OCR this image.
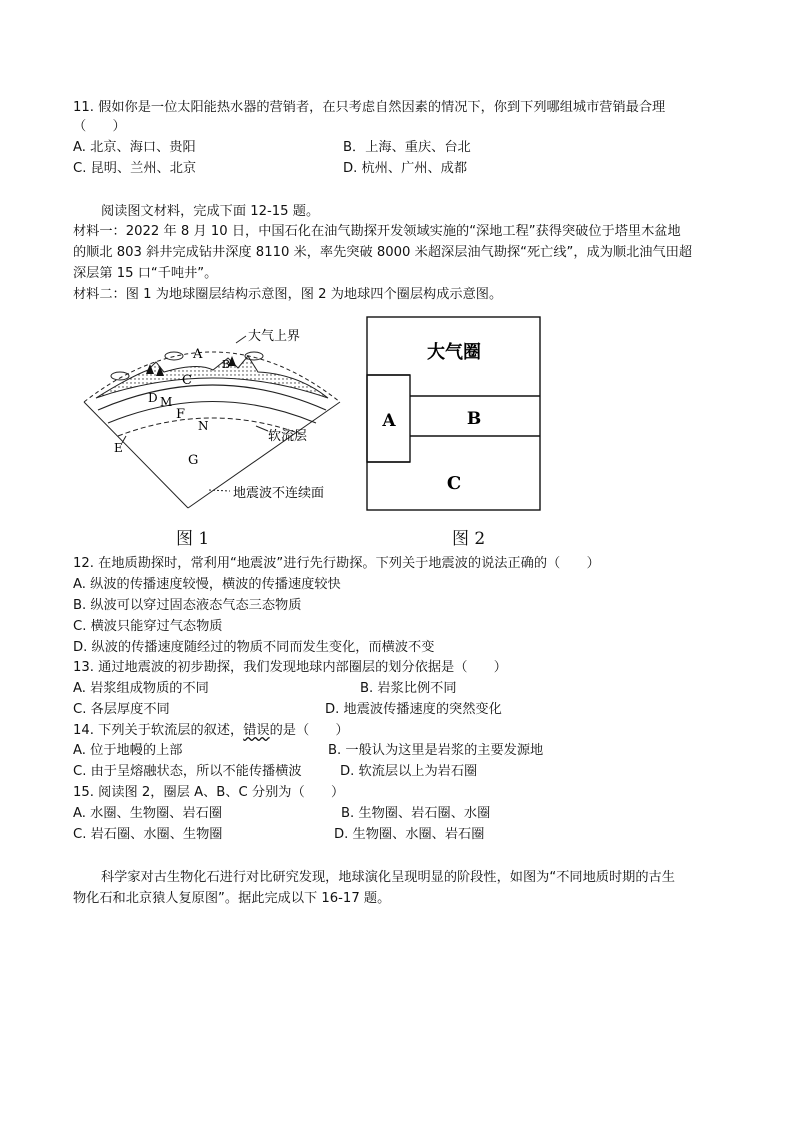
11. 假如你是一位太阳能热水器的营销者，在只考虑自然因素的情况下，你到下列哪组城市营销最合理
（　　）
A. 北京、海口、贵阳	B．上海、重庆、台北
C. 昆明、兰州、北京	D. 杭州、广州、成都
阅读图文材料，完成下面 12-15 题。
材料一：2022 年 8 月 10 日，中国石化在油气勘探开发领域实施的“深地工程”获得突破位于塔里木盆地
的顺北 803 斜井完成钻井深度 8110 米，率先突破 8000 米超深层油气勘探“死亡线”，成为顺北油气田超
深层第 15 口“千吨井”。
材料二：图 1 为地球圈层结构示意图，图 2 为地球四个圈层构成示意图。
A
B
C
D M
F
N
E
G
大气上界
软流层
地震波不连续面
图 1
大气圈
A	B
C
图 2
12. 在地质勘探时，常利用“地震波”进行先行勘探。下列关于地震波的说法正确的（　　）
A. 纵波的传播速度较慢，横波的传播速度较快
B. 纵波可以穿过固态液态气态三态物质
C. 横波只能穿过气态物质
D. 纵波的传播速度随经过的物质不同而发生变化，而横波不变
13. 通过地震波的初步勘探，我们发现地球内部圈层的划分依据是（　　）
A. 岩浆组成物质的不同	B. 岩浆比例不同
C. 各层厚度不同	D. 地震波传播速度的突然变化
14. 下列关于软流层的叙述，错误的是（　　）
A. 位于地幔的上部	B. 一般认为这里是岩浆的主要发源地
C. 由于呈熔融状态，所以不能传播横波	D. 软流层以上为岩石圈
15. 阅读图 2，圈层 A、B、C 分别为（　　）
A. 水圈、生物圈、岩石圈	B. 生物圈、岩石圈、水圈
C. 岩石圈、水圈、生物圈	D. 生物圈、水圈、岩石圈
科学家对古生物化石进行对比研究发现，地球演化呈现明显的阶段性，如图为“不同地质时期的古生
物化石和北京猿人复原图”。据此完成以下 16-17 题。
